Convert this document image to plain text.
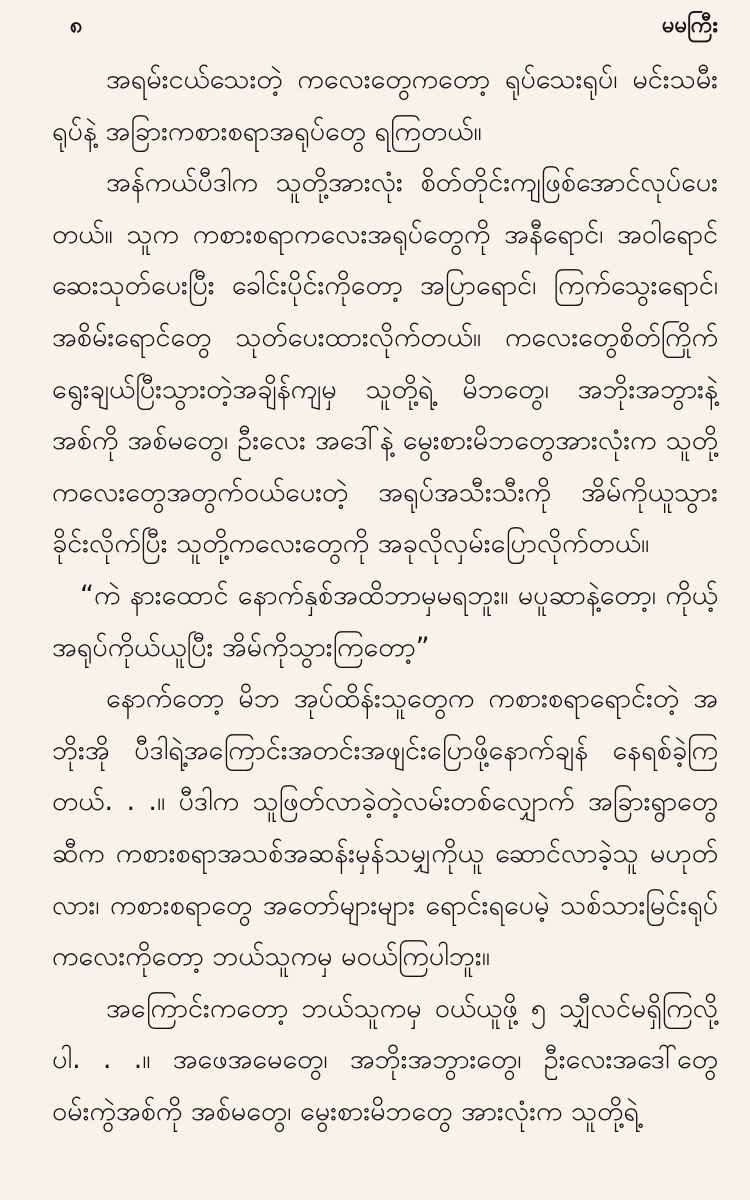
၈	မမကြီး

အရမ်းငယ်သေးတဲ့ ကလေးတွေကတော့ ရုပ်သေးရုပ်၊ မင်းသမီးရုပ်နဲ့ အခြားကစားစရာအရုပ်တွေ ရကြတယ်။

အန်ကယ်ပီဒါက သူတို့အားလုံး စိတ်တိုင်းကျဖြစ်အောင်လုပ်ပေးတယ်။ သူက ကစားစရာကလေးအရုပ်တွေကို အနီရောင်၊ အဝါရောင်ဆေးသုတ်ပေးပြီး ခေါင်းပိုင်းကိုတော့ အပြာရောင်၊ ကြက်သွေးရောင်၊ အစိမ်းရောင်တွေ သုတ်ပေးထားလိုက်တယ်။ ကလေးတွေစိတ်ကြိုက်ရွေးချယ်ပြီးသွားတဲ့အချိန်ကျမှ သူတို့ရဲ့ မိဘတွေ၊ အဘိုးအဘွားနဲ့ အစ်ကို အစ်မတွေ၊ ဦးလေး အဒေါ်နဲ့ မွေးစားမိဘတွေအားလုံးက သူတို့ကလေးတွေအတွက်ဝယ်ပေးတဲ့ အရုပ်အသီးသီးကို အိမ်ကိုယူသွားခိုင်းလိုက်ပြီး သူတို့ကလေးတွေကို အခုလိုလှမ်းပြောလိုက်တယ်။

“ကဲ နားထောင် နောက်နှစ်အထိဘာမှမရဘူး။ မပူဆာနဲ့တော့၊ ကိုယ့်အရုပ်ကိုယ်ယူပြီး အိမ်ကိုသွားကြတော့”

နောက်တော့ မိဘ အုပ်ထိန်းသူတွေက ကစားစရာရောင်းတဲ့ အဘိုးအို ပီဒါရဲ့အကြောင်းအတင်းအဖျင်းပြောဖို့နောက်ချန် နေရစ်ခဲ့ကြတယ်. . .။ ပီဒါက သူဖြတ်လာခဲ့တဲ့လမ်းတစ်လျှောက် အခြားရွာတွေဆီက ကစားစရာအသစ်အဆန်းမှန်သမျှကိုယူ ဆောင်လာခဲ့သူ မဟုတ်လား၊ ကစားစရာတွေ အတော်များများ ရောင်းရပေမဲ့ သစ်သားမြင်းရုပ်ကလေးကိုတော့ ဘယ်သူကမှ မဝယ်ကြပါဘူး။

အကြောင်းကတော့ ဘယ်သူကမှ ဝယ်ယူဖို့ ၅ သျှီလင်မရှိကြလို့ပါ. . .။ အဖေအမေတွေ၊ အဘိုးအဘွားတွေ၊ ဦးလေးအဒေါ်တွေ ဝမ်းကွဲအစ်ကို အစ်မတွေ၊ မွေးစားမိဘတွေ အားလုံးက သူတို့ရဲ့
